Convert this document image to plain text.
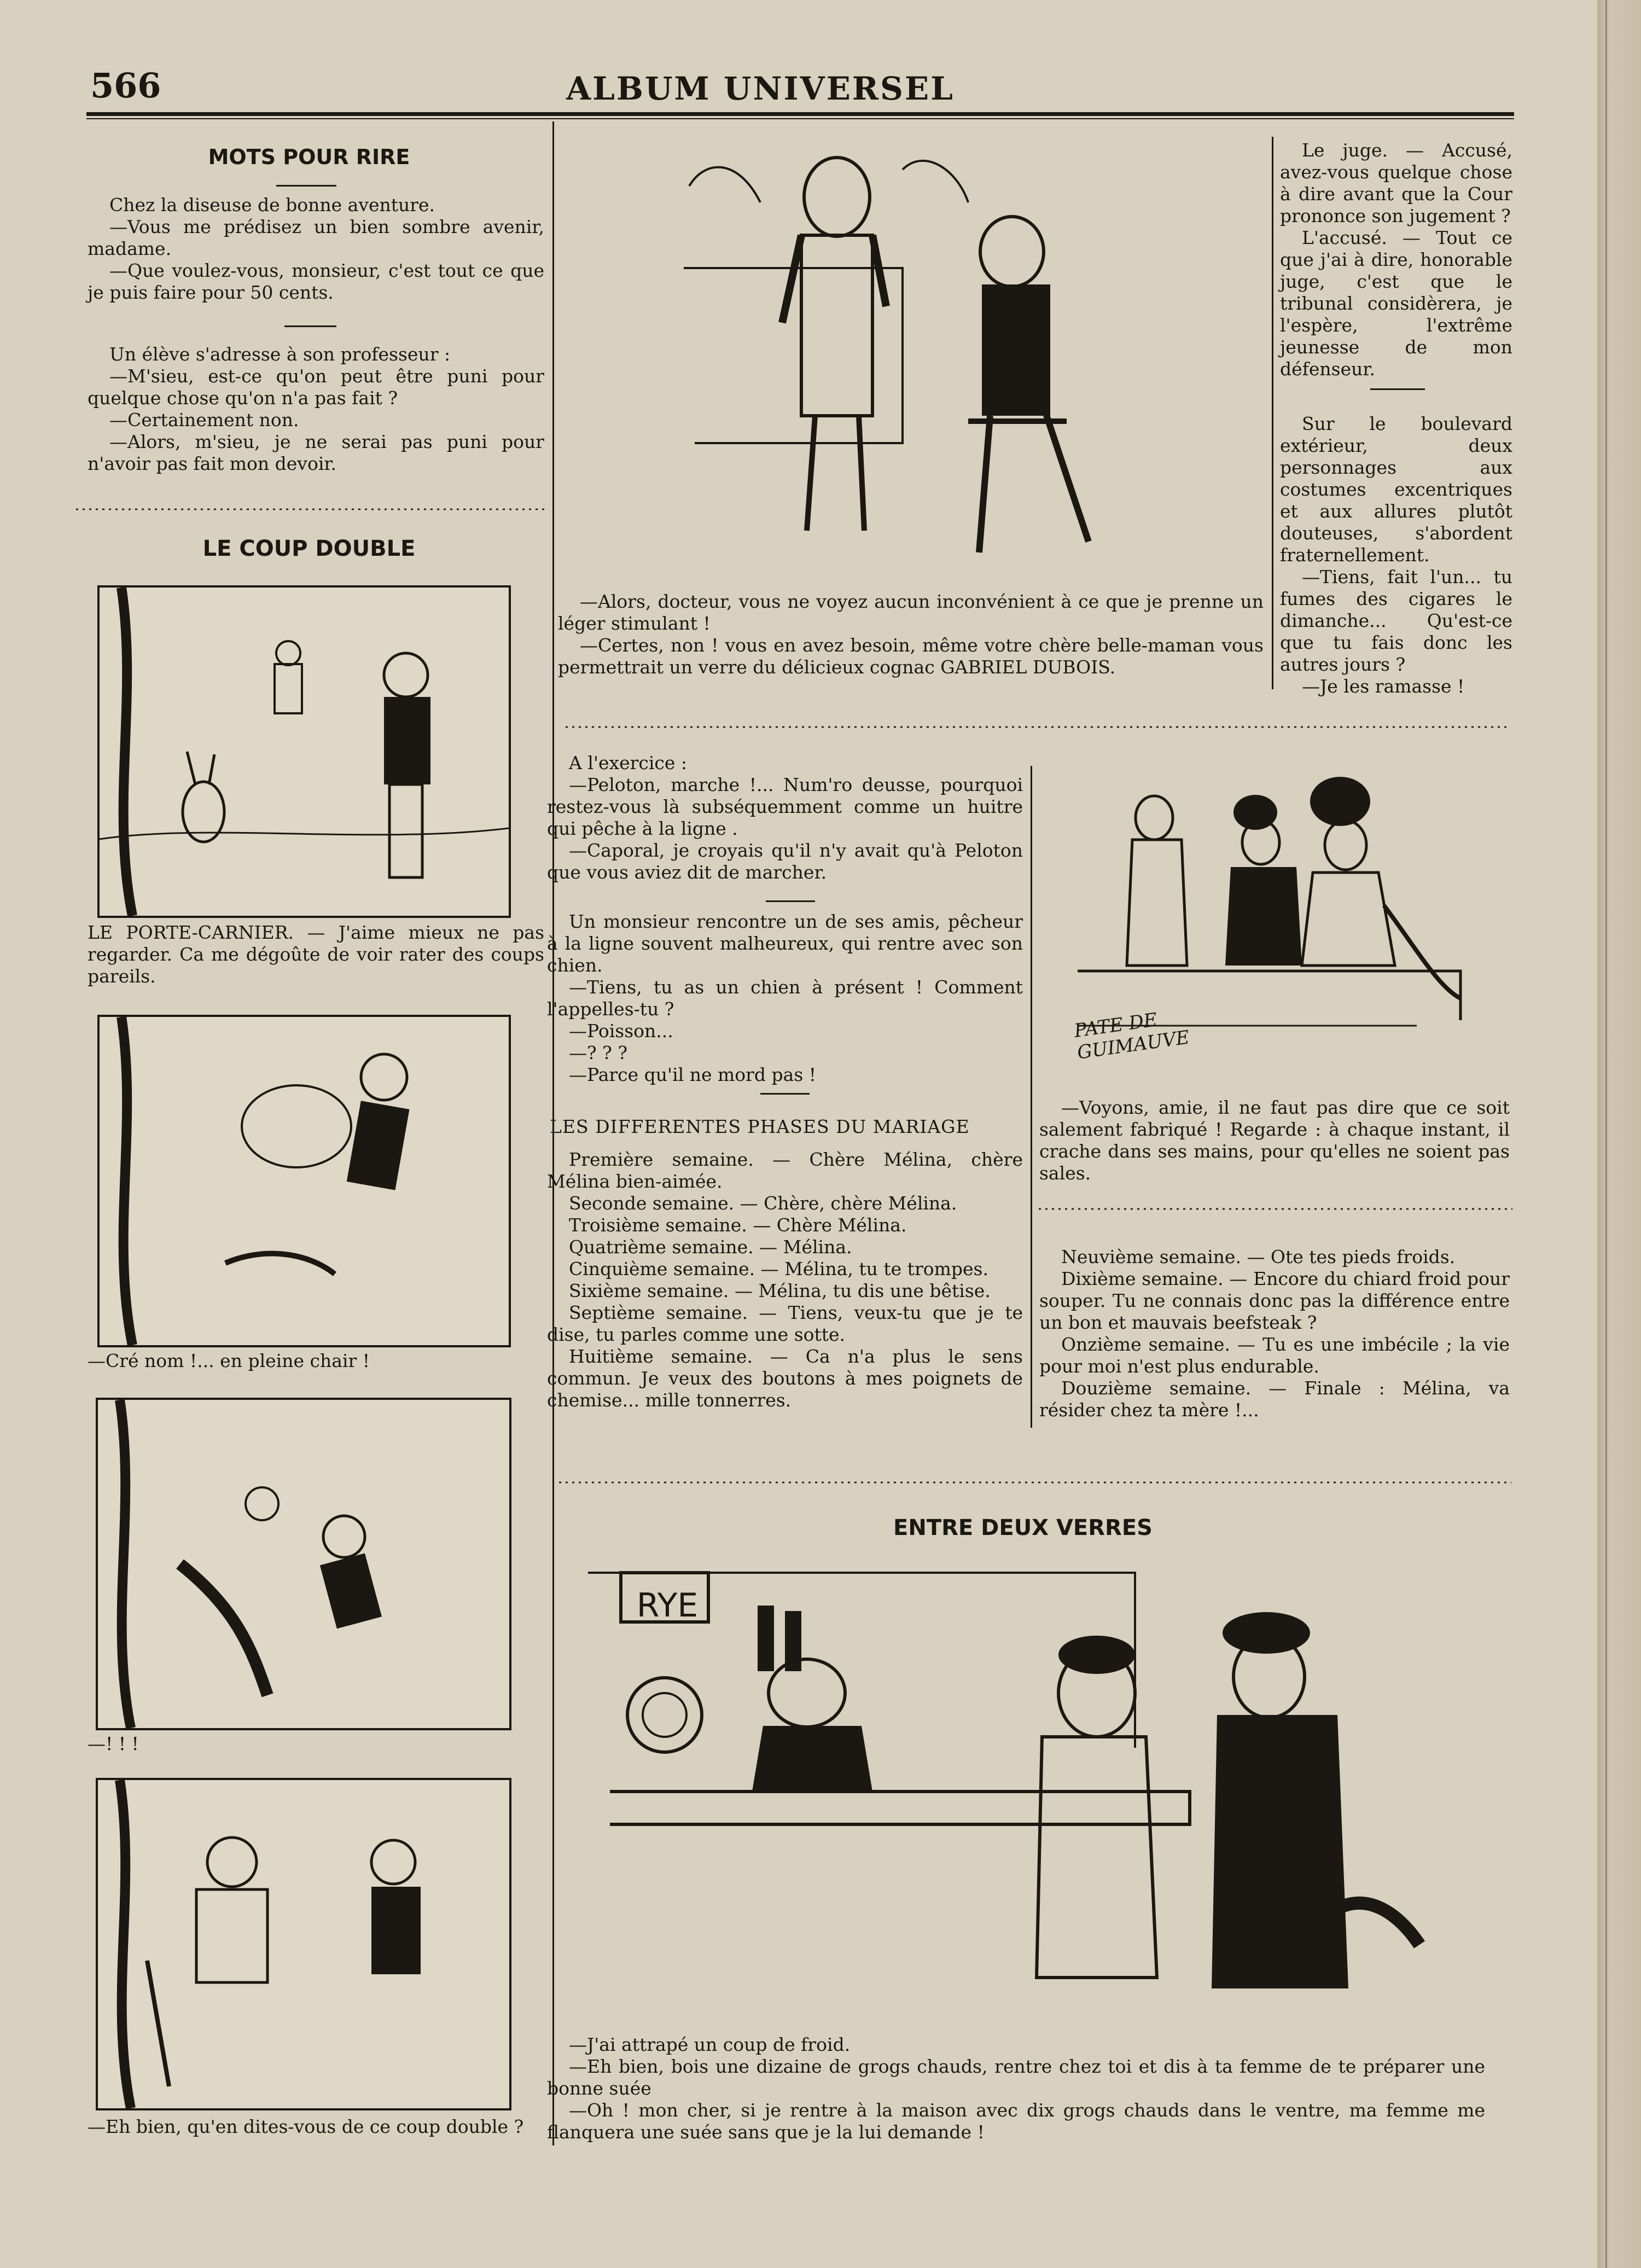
566	ALBUM UNIVERSEL
MOTS POUR RIRE

Chez la diseuse de bonne aventure.

—Vous me prédisez un bien sombre avenir, madame.

—Que voulez-vous, monsieur, c'est tout ce que je puis faire pour 50 cents.

Un élève s'adresse à son professeur :

—M'sieu, est-ce qu'on peut être puni pour quelque chose qu'on n'a pas fait ?

—Certainement non.

—Alors, m'sieu, je ne serai pas puni pour n'avoir pas fait mon devoir.

LE COUP DOUBLE
LE PORTE-CARNIER. — J'aime mieux ne pas regarder. Ca me dégoûte de voir rater des coups pareils.
—Cré nom !... en pleine chair !
—! ! !
—Eh bien, qu'en dites-vous de ce coup double ?

—Alors, docteur, vous ne voyez aucun inconvénient à ce que je prenne un léger stimulant !

—Certes, non ! vous en avez besoin, même votre chère belle-maman vous permettrait un verre du délicieux cognac GABRIEL DUBOIS.

Le juge. — Accusé, avez-vous quelque chose à dire avant que la Cour prononce son jugement ?

L'accusé. — Tout ce que j'ai à dire, honorable juge, c'est que le tribunal considèrera, je l'espère, l'extrême jeunesse de mon défenseur.

Sur le boulevard extérieur, deux personnages aux costumes excentriques et aux allures plutôt douteuses, s'abordent fraternellement.

—Tiens, fait l'un... tu fumes des cigares le dimanche... Qu'est-ce que tu fais donc les autres jours ?

—Je les ramasse !

A l'exercice :

—Peloton, marche !... Num'ro deusse, pourquoi restez-vous là subséquemment comme un huitre qui pêche à la ligne .

—Caporal, je croyais qu'il n'y avait qu'à Peloton que vous aviez dit de marcher.

Un monsieur rencontre un de ses amis, pêcheur à la ligne souvent malheureux, qui rentre avec son chien.

—Tiens, tu as un chien à présent ! Comment l'appelles-tu ?

—Poisson...

—? ? ?

—Parce qu'il ne mord pas !

LES DIFFERENTES PHASES DU MARIAGE

Première semaine. — Chère Mélina, chère Mélina bien-aimée.

Seconde semaine. — Chère, chère Mélina.

Troisième semaine. — Chère Mélina.

Quatrième semaine. — Mélina.

Cinquième semaine. — Mélina, tu te trompes.

Sixième semaine. — Mélina, tu dis une bêtise.

Septième semaine. — Tiens, veux-tu que je te dise, tu parles comme une sotte.

Huitième semaine. — Ca n'a plus le sens commun. Je veux des boutons à mes poignets de chemise... mille tonnerres.

PATE DE GUIMAUVE
—Voyons, amie, il ne faut pas dire que ce soit salement fabriqué ! Regarde : à chaque instant, il crache dans ses mains, pour qu'elles ne soient pas sales.

Neuvième semaine. — Ote tes pieds froids.

Dixième semaine. — Encore du chiard froid pour souper. Tu ne connais donc pas la différence entre un bon et mauvais beefsteak ?

Onzième semaine. — Tu es une imbécile ; la vie pour moi n'est plus endurable.

Douzième semaine. — Finale : Mélina, va résider chez ta mère !...

ENTRE DEUX VERRES
RYE

—J'ai attrapé un coup de froid.

—Eh bien, bois une dizaine de grogs chauds, rentre chez toi et dis à ta femme de te préparer une bonne suée

—Oh ! mon cher, si je rentre à la maison avec dix grogs chauds dans le ventre, ma femme me flanquera une suée sans que je la lui demande !
